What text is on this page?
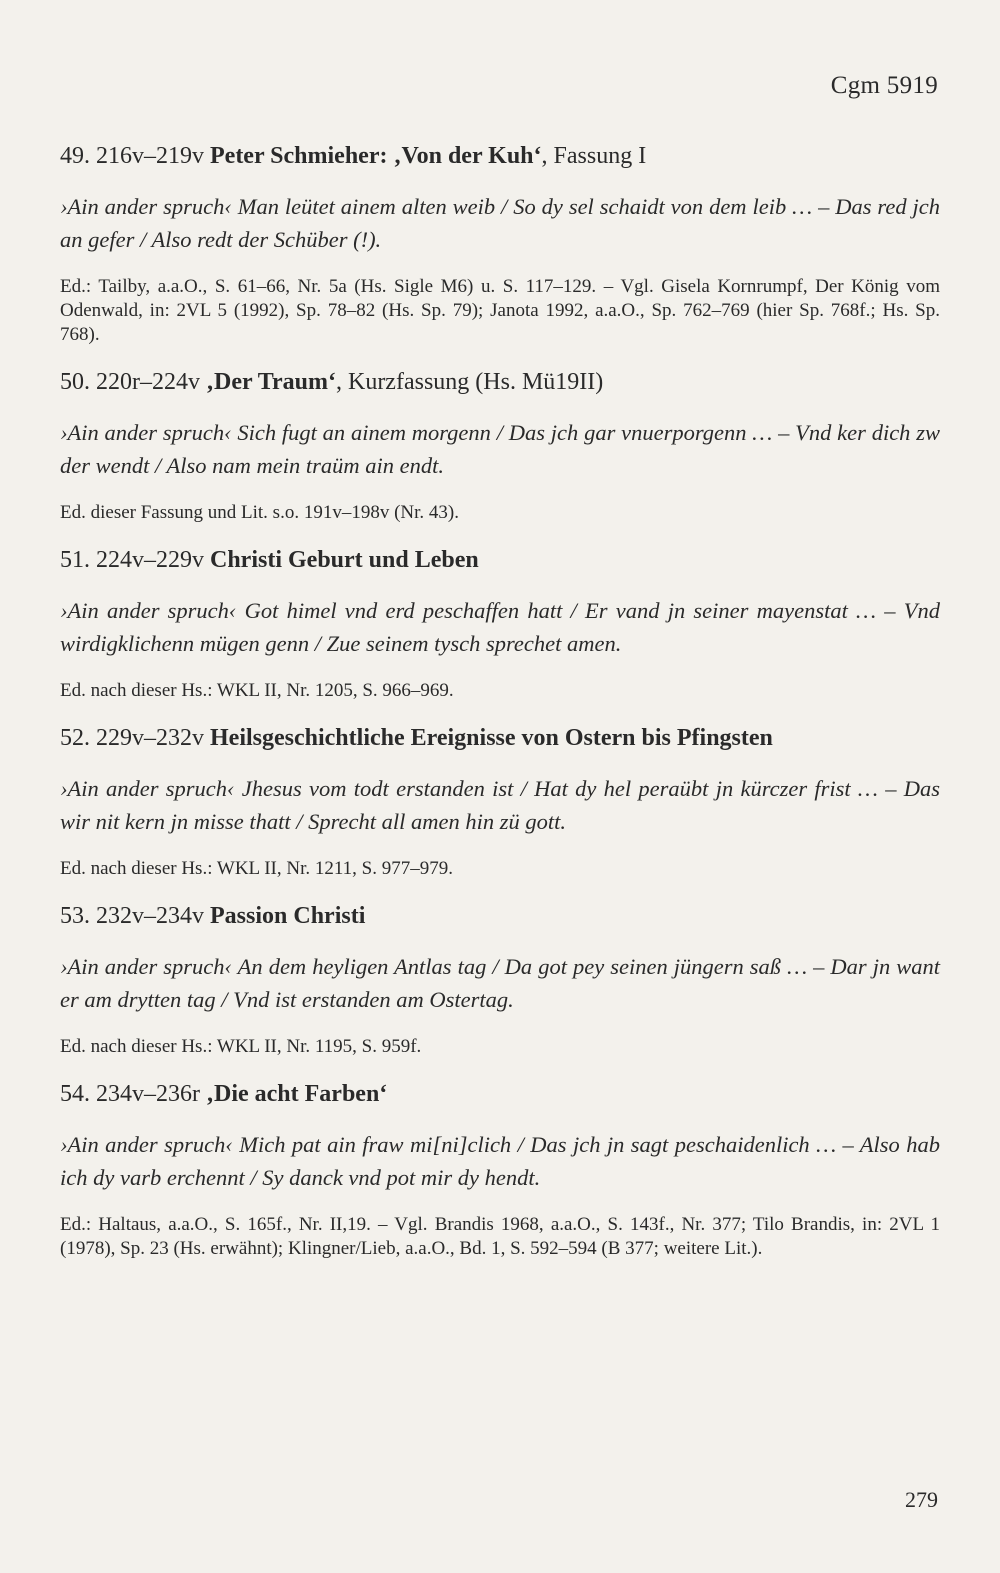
Cgm 5919

49. 216v–219v Peter Schmieher: ‚Von der Kuh‘, Fassung I

›Ain ander spruch‹ Man leütet ainem alten weib / So dy sel schaidt von dem leib … – Das red jch an gefer / Also redt der Schüber (!).

Ed.: Tailby, a.a.O., S. 61–66, Nr. 5a (Hs. Sigle M6) u. S. 117–129. – Vgl. Gisela Kornrumpf, Der König vom Odenwald, in: 2VL 5 (1992), Sp. 78–82 (Hs. Sp. 79); Janota 1992, a.a.O., Sp. 762–769 (hier Sp. 768f.; Hs. Sp. 768).

50. 220r–224v ‚Der Traum‘, Kurzfassung (Hs. Mü19II)

›Ain ander spruch‹ Sich fugt an ainem morgenn / Das jch gar vnuerporgenn … – Vnd ker dich zw der wendt / Also nam mein traüm ain endt.

Ed. dieser Fassung und Lit. s.o. 191v–198v (Nr. 43).

51. 224v–229v Christi Geburt und Leben

›Ain ander spruch‹ Got himel vnd erd peschaffen hatt / Er vand jn seiner mayenstat … – Vnd wirdigklichenn mügen genn / Zue seinem tysch sprechet amen.

Ed. nach dieser Hs.: WKL II, Nr. 1205, S. 966–969.

52. 229v–232v Heilsgeschichtliche Ereignisse von Ostern bis Pfingsten

›Ain ander spruch‹ Jhesus vom todt erstanden ist / Hat dy hel peraübt jn kürczer frist … – Das wir nit kern jn misse thatt / Sprecht all amen hin zü gott.

Ed. nach dieser Hs.: WKL II, Nr. 1211, S. 977–979.

53. 232v–234v Passion Christi

›Ain ander spruch‹ An dem heyligen Antlas tag / Da got pey seinen jüngern saß … – Dar jn want er am drytten tag / Vnd ist erstanden am Ostertag.

Ed. nach dieser Hs.: WKL II, Nr. 1195, S. 959f.

54. 234v–236r ‚Die acht Farben‘

›Ain ander spruch‹ Mich pat ain fraw mi[ni]clich / Das jch jn sagt peschaidenlich … – Also hab ich dy varb erchennt / Sy danck vnd pot mir dy hendt.

Ed.: Haltaus, a.a.O., S. 165f., Nr. II,19. – Vgl. Brandis 1968, a.a.O., S. 143f., Nr. 377; Tilo Brandis, in: 2VL 1 (1978), Sp. 23 (Hs. erwähnt); Klingner/Lieb, a.a.O., Bd. 1, S. 592–594 (B 377; weitere Lit.).

279
